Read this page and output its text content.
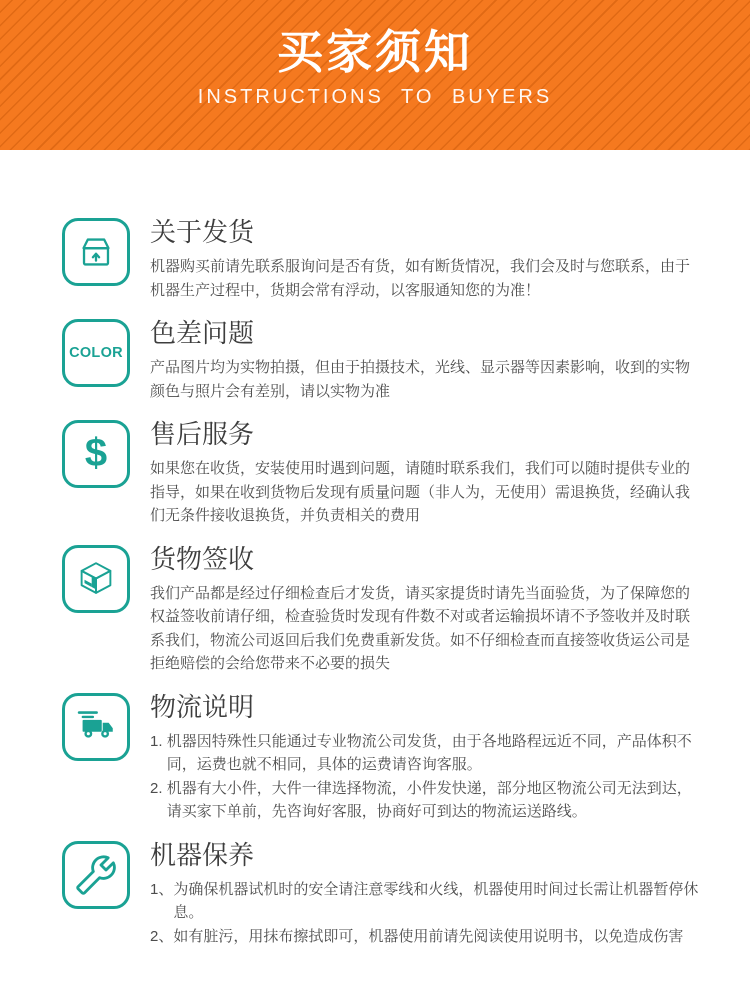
买家须知
INSTRUCTIONS TO BUYERS
关于发货

机器购买前请先联系服询问是否有货，如有断货情况，我们会及时与您联系，由于机器生产过程中，货期会常有浮动，以客服通知您的为准！

COLOR
色差问题

产品图片均为实物拍摄，但由于拍摄技术，光线、显示器等因素影响，收到的实物颜色与照片会有差别，请以实物为准

$ 售后服务

如果您在收货，安装使用时遇到问题，请随时联系我们，我们可以随时提供专业的指导，如果在收到货物后发现有质量问题（非人为，无使用）需退换货，经确认我们无条件接收退换货，并负责相关的费用

货物签收

我们产品都是经过仔细检查后才发货，请买家提货时请先当面验货，为了保障您的权益签收前请仔细，检查验货时发现有件数不对或者运输损坏请不予签收并及时联系我们，物流公司返回后我们免费重新发货。如不仔细检查而直接签收货运公司是拒绝赔偿的会给您带来不必要的损失

物流说明
1. 机器因特殊性只能通过专业物流公司发货，由于各地路程远近不同，产品体积不同，运费也就不相同，具体的运费请咨询客服。
2. 机器有大小件，大件一律选择物流，小件发快递，部分地区物流公司无法到达，请买家下单前，先咨询好客服，协商好可到达的物流运送路线。
机器保养
1、 为确保机器试机时的安全请注意零线和火线，机器使用时间过长需让机器暂停休息。
2、 如有脏污，用抹布擦拭即可，机器使用前请先阅读使用说明书，以免造成伤害
